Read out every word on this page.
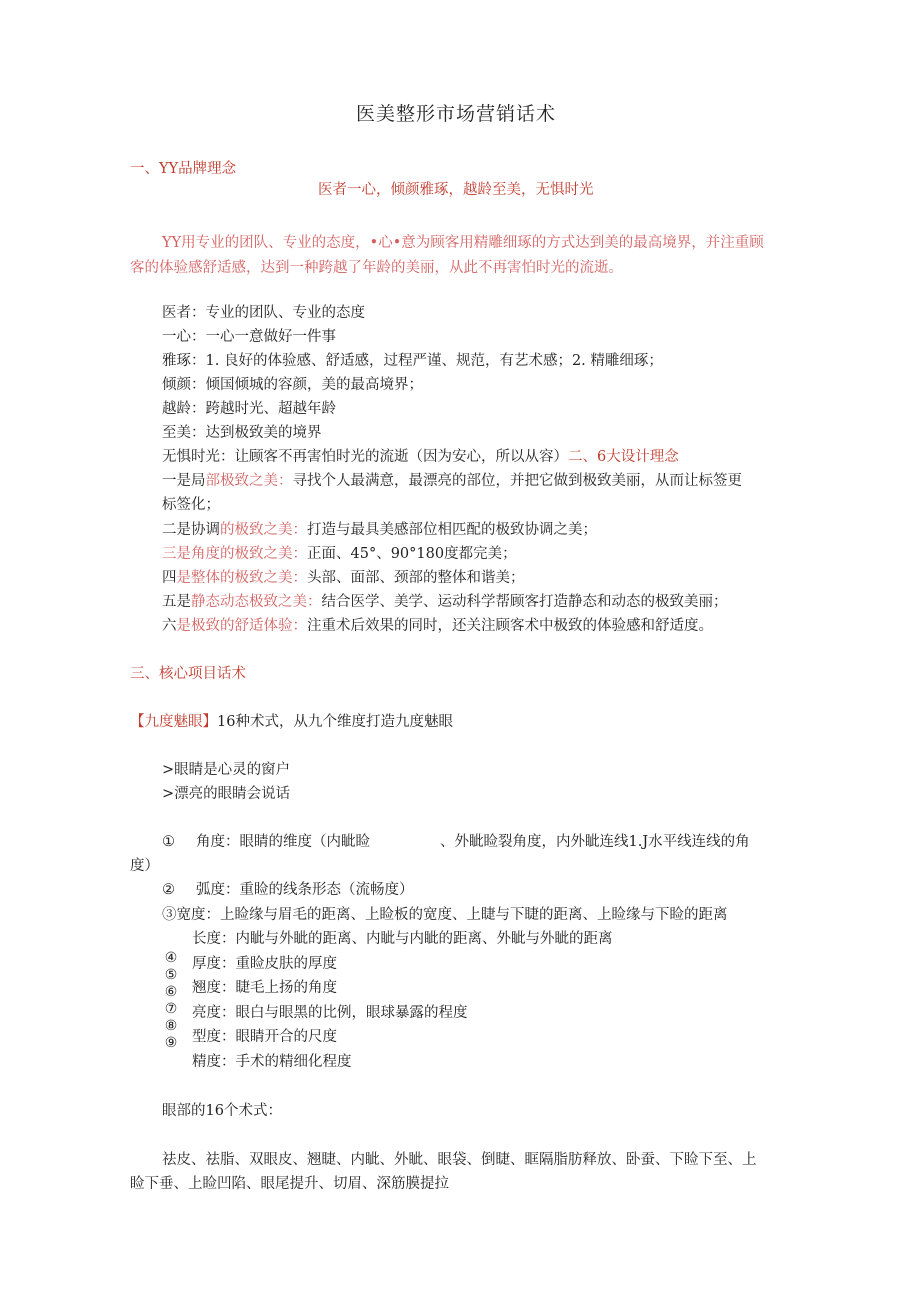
医美整形市场营销话术
一、YY品牌理念
医者一心，倾颜雅琢，越龄至美，无惧时光
YY用专业的团队、专业的态度，•心•意为顾客用精雕细琢的方式达到美的最高境界，并注重顾
客的体验感舒适感，达到一种跨越了年龄的美丽，从此不再害怕时光的流逝。
医者：专业的团队、专业的态度
一心：一心一意做好一件事
雅琢：1. 良好的体验感、舒适感，过程严谨、规范，有艺术感；2. 精雕细琢；
倾颜：倾国倾城的容颜，美的最高境界；
越龄：跨越时光、超越年龄
至美：达到极致美的境界
无惧时光：让顾客不再害怕时光的流逝（因为安心，所以从容）二、6大设计理念
一是局部极致之美：寻找个人最满意，最漂亮的部位，并把它做到极致美丽，从而让标签更
标签化；
二是协调的极致之美：打造与最具美感部位相匹配的极致协调之美；
三是角度的极致之美：正面、45°、90°180度都完美；
四是整体的极致之美：头部、面部、颈部的整体和谐美；
五是静态动态极致之美：结合医学、美学、运动科学帮顾客打造静态和动态的极致美丽；
六是极致的舒适体验：注重术后效果的同时，还关注顾客术中极致的体验感和舒适度。
三、核心项目话术
【九度魅眼】16种术式，从九个维度打造九度魅眼
>眼睛是心灵的窗户
>漂亮的眼睛会说话
① 角度：眼睛的维度（内眦睑	、外眦睑裂角度，内外眦连线1.J水平线连线的角
度）
② 弧度：重睑的线条形态（流畅度）
③宽度：上睑缘与眉毛的距离、上睑板的宽度、上睫与下睫的距离、上睑缘与下睑的距离
④
⑤
⑥
⑦
⑧
⑨
长度：内眦与外眦的距离、内眦与内眦的距离、外眦与外眦的距离
厚度：重睑皮肤的厚度
翘度：睫毛上扬的角度
亮度：眼白与眼黑的比例，眼球暴露的程度
型度：眼睛开合的尺度
精度：手术的精细化程度
眼部的16个术式：
祛皮、祛脂、双眼皮、翘睫、内眦、外眦、眼袋、倒睫、眶隔脂肪释放、卧蚕、下睑下至、上
睑下垂、上睑凹陷、眼尾提升、切眉、深筋膜提拉
